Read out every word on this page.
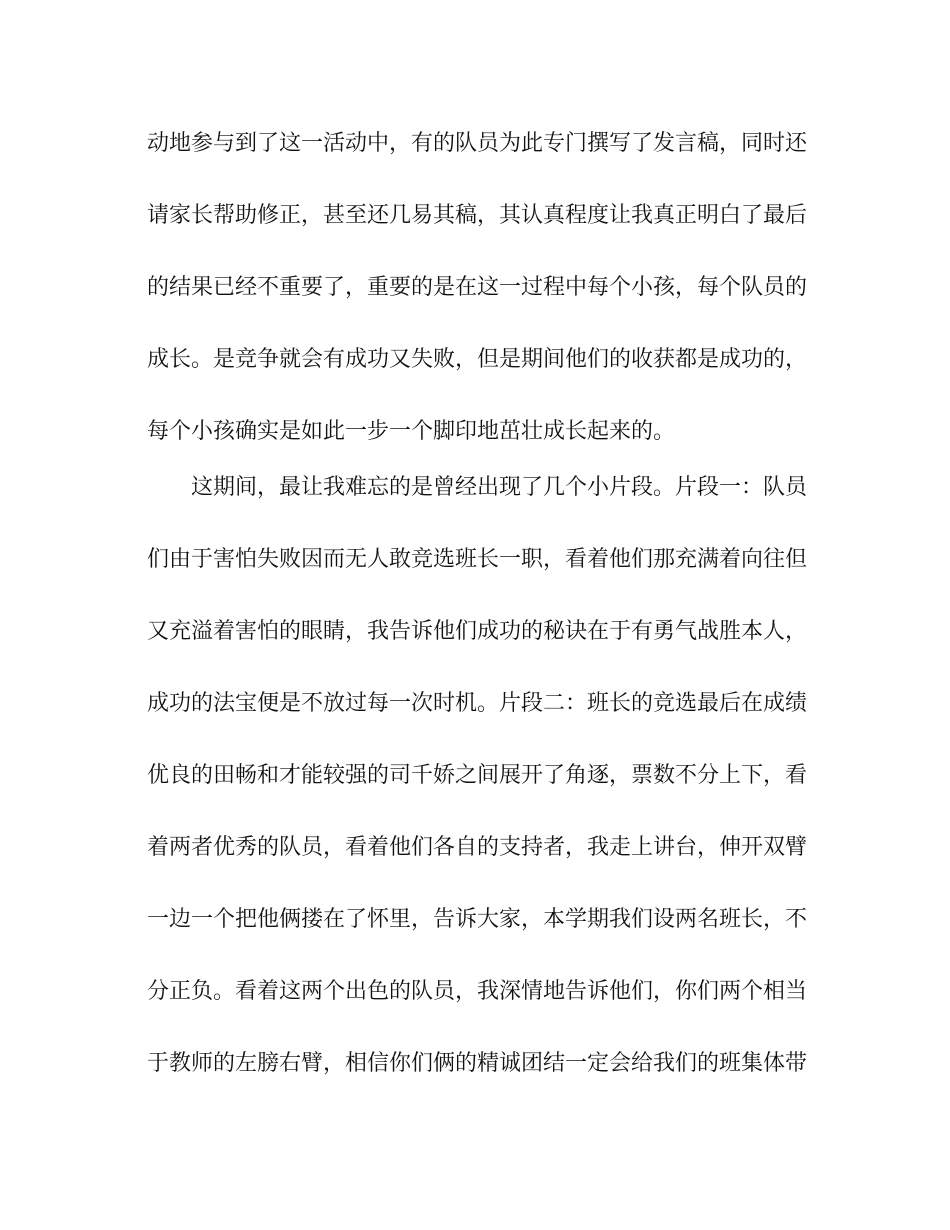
动地参与到了这一活动中，有的队员为此专门撰写了发言稿，同时还
请家长帮助修正，甚至还几易其稿，其认真程度让我真正明白了最后
的结果已经不重要了，重要的是在这一过程中每个小孩，每个队员的
成长。是竞争就会有成功又失败，但是期间他们的收获都是成功的，
每个小孩确实是如此一步一个脚印地茁壮成长起来的。
　　这期间，最让我难忘的是曾经出现了几个小片段。片段一：队员
们由于害怕失败因而无人敢竞选班长一职，看着他们那充满着向往但
又充溢着害怕的眼睛，我告诉他们成功的秘诀在于有勇气战胜本人，
成功的法宝便是不放过每一次时机。片段二：班长的竞选最后在成绩
优良的田畅和才能较强的司千娇之间展开了角逐，票数不分上下，看
着两者优秀的队员，看着他们各自的支持者，我走上讲台，伸开双臂
一边一个把他俩搂在了怀里，告诉大家，本学期我们设两名班长，不
分正负。看着这两个出色的队员，我深情地告诉他们，你们两个相当
于教师的左膀右臂，相信你们俩的精诚团结一定会给我们的班集体带
